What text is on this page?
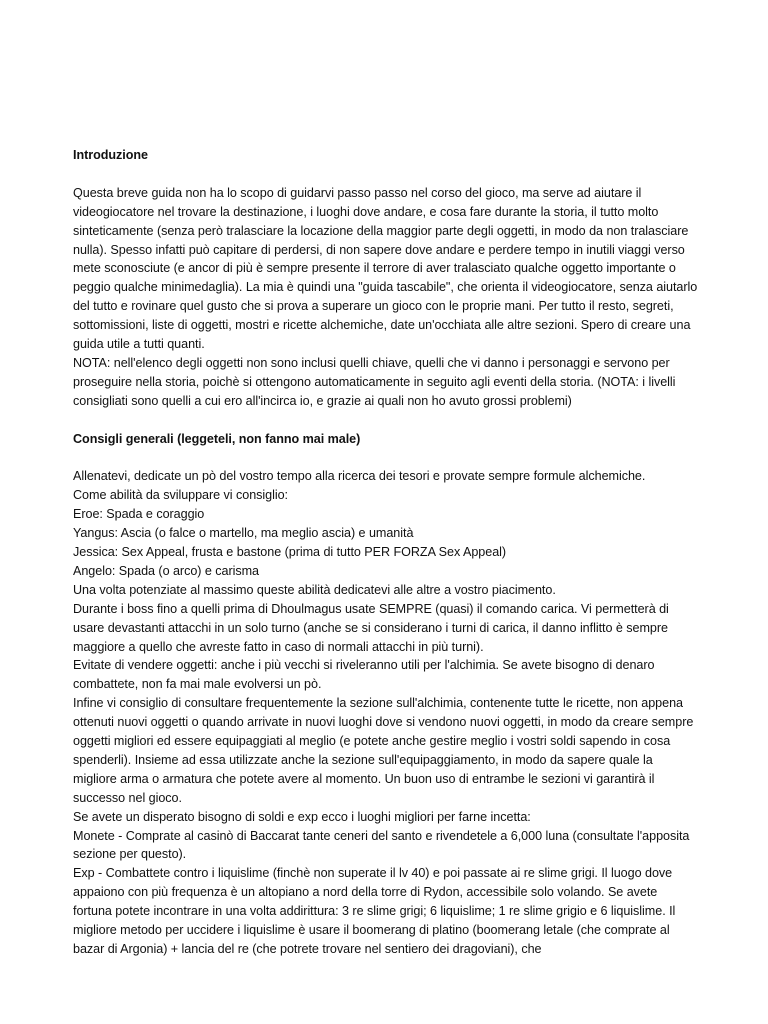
Introduzione

Questa breve guida non ha lo scopo di guidarvi passo passo nel corso del gioco, ma serve ad aiutare il videogiocatore nel trovare la destinazione, i luoghi dove andare, e cosa fare durante la storia, il tutto molto sinteticamente (senza però tralasciare la locazione della maggior parte degli oggetti, in modo da non tralasciare nulla). Spesso infatti può capitare di perdersi, di non sapere dove andare e perdere tempo in inutili viaggi verso mete sconosciute (e ancor di più è sempre presente il terrore di aver tralasciato qualche oggetto importante o peggio qualche minimedaglia). La mia è quindi una "guida tascabile", che orienta il videogiocatore, senza aiutarlo del tutto e rovinare quel gusto che si prova a superare un gioco con le proprie mani. Per tutto il resto, segreti, sottomissioni, liste di oggetti, mostri e ricette alchemiche, date un'occhiata alle altre sezioni. Spero di creare una guida utile a tutti quanti.

NOTA: nell'elenco degli oggetti non sono inclusi quelli chiave, quelli che vi danno i personaggi e servono per proseguire nella storia, poichè si ottengono automaticamente in seguito agli eventi della storia. (NOTA: i livelli consigliati sono quelli a cui ero all'incirca io, e grazie ai quali non ho avuto grossi problemi)

Consigli generali (leggeteli, non fanno mai male)

Allenatevi, dedicate un pò del vostro tempo alla ricerca dei tesori e provate sempre formule alchemiche.

Come abilità da sviluppare vi consiglio:

Eroe: Spada e coraggio

Yangus: Ascia (o falce o martello, ma meglio ascia) e umanità

Jessica: Sex Appeal, frusta e bastone (prima di tutto PER FORZA Sex Appeal)

Angelo: Spada (o arco) e carisma

Una volta potenziate al massimo queste abilità dedicatevi alle altre a vostro piacimento.

Durante i boss fino a quelli prima di Dhoulmagus usate SEMPRE (quasi) il comando carica. Vi permetterà di usare devastanti attacchi in un solo turno (anche se si considerano i turni di carica, il danno inflitto è sempre maggiore a quello che avreste fatto in caso di normali attacchi in più turni).

Evitate di vendere oggetti: anche i più vecchi si riveleranno utili per l'alchimia. Se avete bisogno di denaro combattete, non fa mai male evolversi un pò.

Infine vi consiglio di consultare frequentemente la sezione sull'alchimia, contenente tutte le ricette, non appena ottenuti nuovi oggetti o quando arrivate in nuovi luoghi dove si vendono nuovi oggetti, in modo da creare sempre oggetti migliori ed essere equipaggiati al meglio (e potete anche gestire meglio i vostri soldi sapendo in cosa spenderli). Insieme ad essa utilizzate anche la sezione sull'equipaggiamento, in modo da sapere quale la migliore arma o armatura che potete avere al momento. Un buon uso di entrambe le sezioni vi garantirà il successo nel gioco.

Se avete un disperato bisogno di soldi e exp ecco i luoghi migliori per farne incetta:

Monete - Comprate al casinò di Baccarat tante ceneri del santo e rivendetele a 6,000 luna (consultate l'apposita sezione per questo).

Exp - Combattete contro i liquislime (finchè non superate il lv 40) e poi passate ai re slime grigi. Il luogo dove appaiono con più frequenza è un altopiano a nord della torre di Rydon, accessibile solo volando. Se avete fortuna potete incontrare in una volta addirittura: 3 re slime grigi; 6 liquislime; 1 re slime grigio e 6 liquislime. Il migliore metodo per uccidere i liquislime è usare il boomerang di platino (boomerang letale (che comprate al bazar di Argonia) + lancia del re (che potrete trovare nel sentiero dei dragoviani), che
